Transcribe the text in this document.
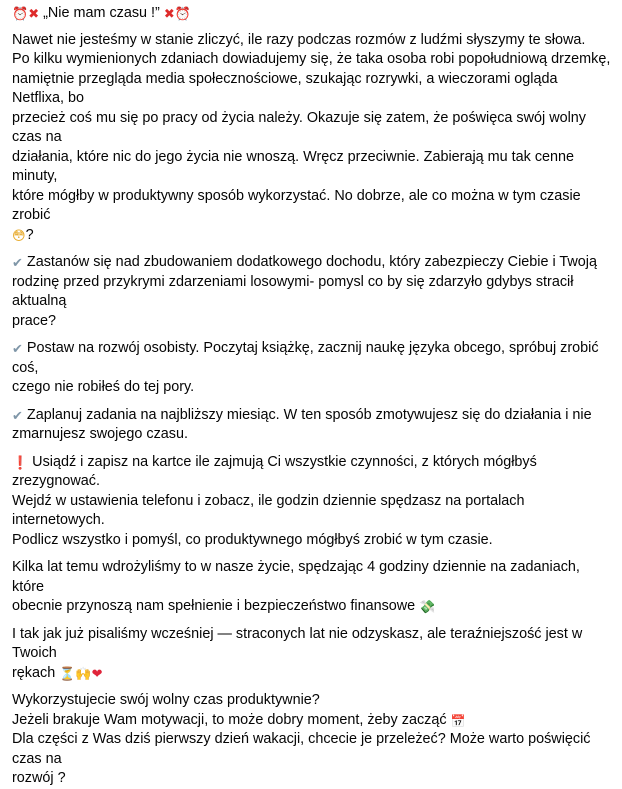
⏰✖ „Nie mam czasu !” ✖⏰
Nawet nie jesteśmy w stanie zliczyć, ile razy podczas rozmów z ludźmi słyszymy te słowa.
Po kilku wymienionych zdaniach dowiadujemy się, że taka osoba robi popołudniową drzemkę,
namiętnie przegląda media społecznościowe, szukając rozrywki, a wieczorami ogląda Netflixa, bo
przecież coś mu się po pracy od życia należy. Okazuje się zatem, że poświęca swój wolny czas na
działania, które nic do jego życia nie wnoszą. Wręcz przeciwnie. Zabierają mu tak cenne minuty,
które mógłby w produktywny sposób wykorzystać. No dobrze, ale co można w tym czasie zrobić
😳?
✔ Zastanów się nad zbudowaniem dodatkowego dochodu, który zabezpieczy Ciebie i Twoją
rodzinę przed przykrymi zdarzeniami losowymi- pomysl co by się zdarzyło gdybys stracił aktualną
prace?
✔ Postaw na rozwój osobisty. Poczytaj książkę, zacznij naukę języka obcego, spróbuj zrobić coś,
czego nie robiłeś do tej pory.
✔ Zaplanuj zadania na najbliższy miesiąc. W ten sposób zmotywujesz się do działania i nie
zmarnujesz swojego czasu.
❗ Usiądź i zapisz na kartce ile zajmują Ci wszystkie czynności, z których mógłbyś zrezygnować.
Wejdź w ustawienia telefonu i zobacz, ile godzin dziennie spędzasz na portalach internetowych.
Podlicz wszystko i pomyśl, co produktywnego mógłbyś zrobić w tym czasie.
Kilka lat temu wdrożyliśmy to w nasze życie, spędzając 4 godziny dziennie na zadaniach, które
obecnie przynoszą nam spełnienie i bezpieczeństwo finansowe 💸
I tak jak już pisaliśmy wcześniej — straconych lat nie odzyskasz, ale teraźniejszość jest w Twoich
rękach ⏳🙌❤
Wykorzystujecie swój wolny czas produktywnie?
Jeżeli brakuje Wam motywacji, to może dobry moment, żeby zacząć 📅
Dla części z Was dziś pierwszy dzień wakacji, chcecie je przeleżeć? Może warto poświęcić czas na
rozwój ?
